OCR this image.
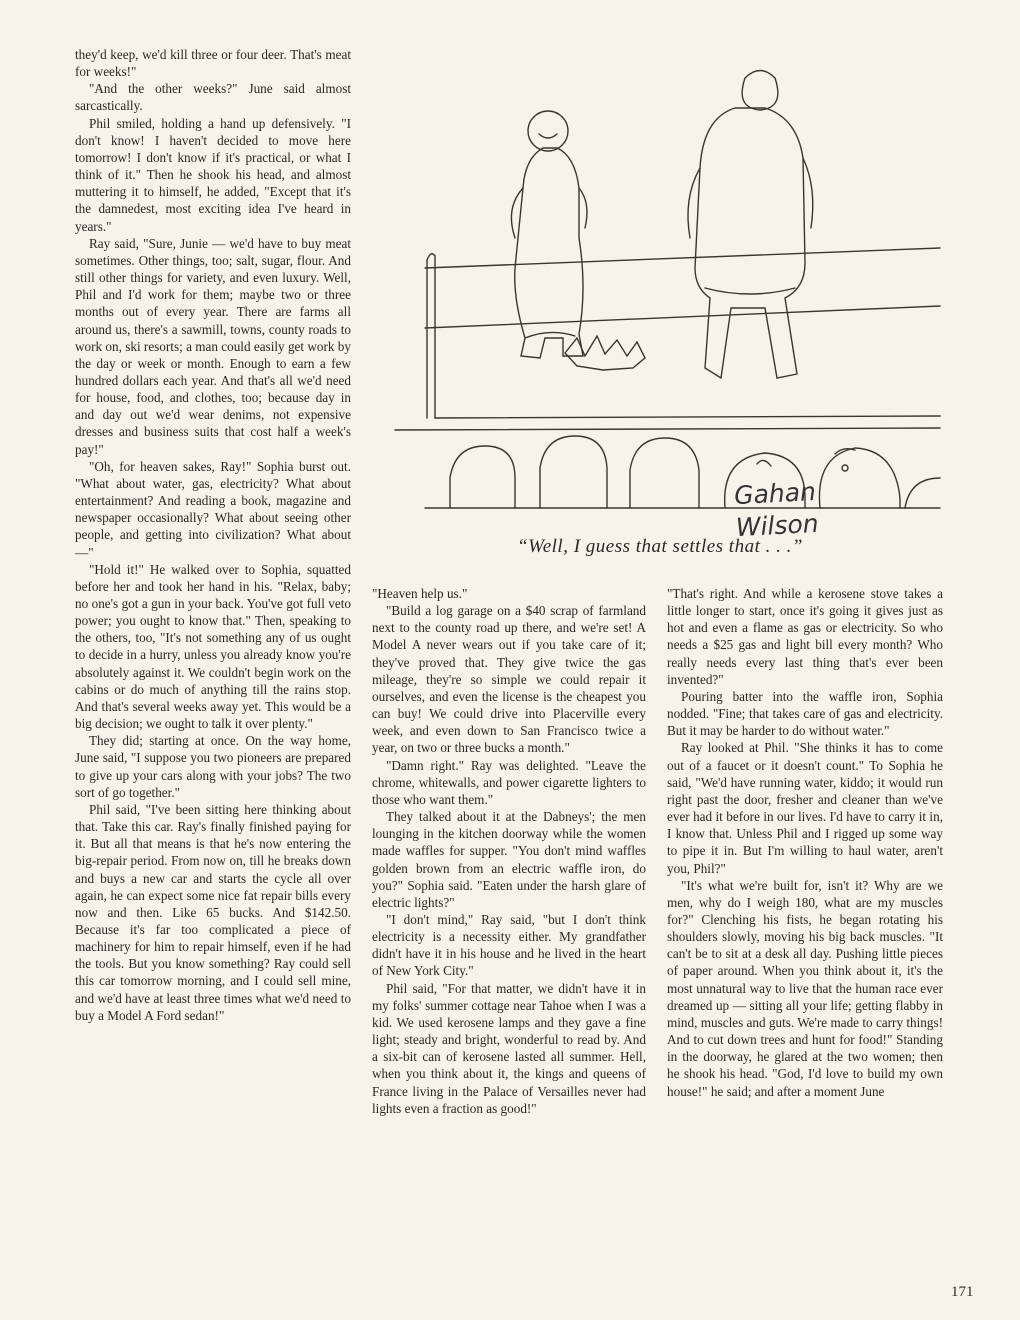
they'd keep, we'd kill three or four deer. That's meat for weeks!"

"And the other weeks?" June said almost sarcastically.

Phil smiled, holding a hand up defensively. "I don't know! I haven't decided to move here tomorrow! I don't know if it's practical, or what I think of it." Then he shook his head, and almost muttering it to himself, he added, "Except that it's the damnedest, most exciting idea I've heard in years."

Ray said, "Sure, Junie — we'd have to buy meat sometimes. Other things, too; salt, sugar, flour. And still other things for variety, and even luxury. Well, Phil and I'd work for them; maybe two or three months out of every year. There are farms all around us, there's a sawmill, towns, county roads to work on, ski resorts; a man could easily get work by the day or week or month. Enough to earn a few hundred dollars each year. And that's all we'd need for house, food, and clothes, too; because day in and day out we'd wear denims, not expensive dresses and business suits that cost half a week's pay!"

"Oh, for heaven sakes, Ray!" Sophia burst out. "What about water, gas, electricity? What about entertainment? And reading a book, magazine and newspaper occasionally? What about seeing other people, and getting into civilization? What about —"

"Hold it!" He walked over to Sophia, squatted before her and took her hand in his. "Relax, baby; no one's got a gun in your back. You've got full veto power; you ought to know that." Then, speaking to the others, too, "It's not something any of us ought to decide in a hurry, unless you already know you're absolutely against it. We couldn't begin work on the cabins or do much of anything till the rains stop. And that's several weeks away yet. This would be a big decision; we ought to talk it over plenty."

They did; starting at once. On the way home, June said, "I suppose you two pioneers are prepared to give up your cars along with your jobs? The two sort of go together."

Phil said, "I've been sitting here thinking about that. Take this car. Ray's finally finished paying for it. But all that means is that he's now entering the big-repair period. From now on, till he breaks down and buys a new car and starts the cycle all over again, he can expect some nice fat repair bills every now and then. Like 65 bucks. And $142.50. Because it's far too complicated a piece of machinery for him to repair himself, even if he had the tools. But you know something? Ray could sell this car tomorrow morning, and I could sell mine, and we'd have at least three times what we'd need to buy a Model A Ford sedan!"

Gahan
Wilson
“Well, I guess that settles that . . .”

"Heaven help us."

"Build a log garage on a $40 scrap of farmland next to the county road up there, and we're set! A Model A never wears out if you take care of it; they've proved that. They give twice the gas mileage, they're so simple we could repair it ourselves, and even the license is the cheapest you can buy! We could drive into Placerville every week, and even down to San Francisco twice a year, on two or three bucks a month."

"Damn right." Ray was delighted. "Leave the chrome, whitewalls, and power cigarette lighters to those who want them."

They talked about it at the Dabneys'; the men lounging in the kitchen doorway while the women made waffles for supper. "You don't mind waffles golden brown from an electric waffle iron, do you?" Sophia said. "Eaten under the harsh glare of electric lights?"

"I don't mind," Ray said, "but I don't think electricity is a necessity either. My grandfather didn't have it in his house and he lived in the heart of New York City."

Phil said, "For that matter, we didn't have it in my folks' summer cottage near Tahoe when I was a kid. We used kerosene lamps and they gave a fine light; steady and bright, wonderful to read by. And a six-bit can of kerosene lasted all summer. Hell, when you think about it, the kings and queens of France living in the Palace of Versailles never had lights even a fraction as good!"

"That's right. And while a kerosene stove takes a little longer to start, once it's going it gives just as hot and even a flame as gas or electricity. So who needs a $25 gas and light bill every month? Who really needs every last thing that's ever been invented?"

Pouring batter into the waffle iron, Sophia nodded. "Fine; that takes care of gas and electricity. But it may be harder to do without water."

Ray looked at Phil. "She thinks it has to come out of a faucet or it doesn't count." To Sophia he said, "We'd have running water, kiddo; it would run right past the door, fresher and cleaner than we've ever had it before in our lives. I'd have to carry it in, I know that. Unless Phil and I rigged up some way to pipe it in. But I'm willing to haul water, aren't you, Phil?"

"It's what we're built for, isn't it? Why are we men, why do I weigh 180, what are my muscles for?" Clenching his fists, he began rotating his shoulders slowly, moving his big back muscles. "It can't be to sit at a desk all day. Pushing little pieces of paper around. When you think about it, it's the most unnatural way to live that the human race ever dreamed up — sitting all your life; getting flabby in mind, muscles and guts. We're made to carry things! And to cut down trees and hunt for food!" Standing in the doorway, he glared at the two women; then he shook his head. "God, I'd love to build my own house!" he said; and after a moment June

171
